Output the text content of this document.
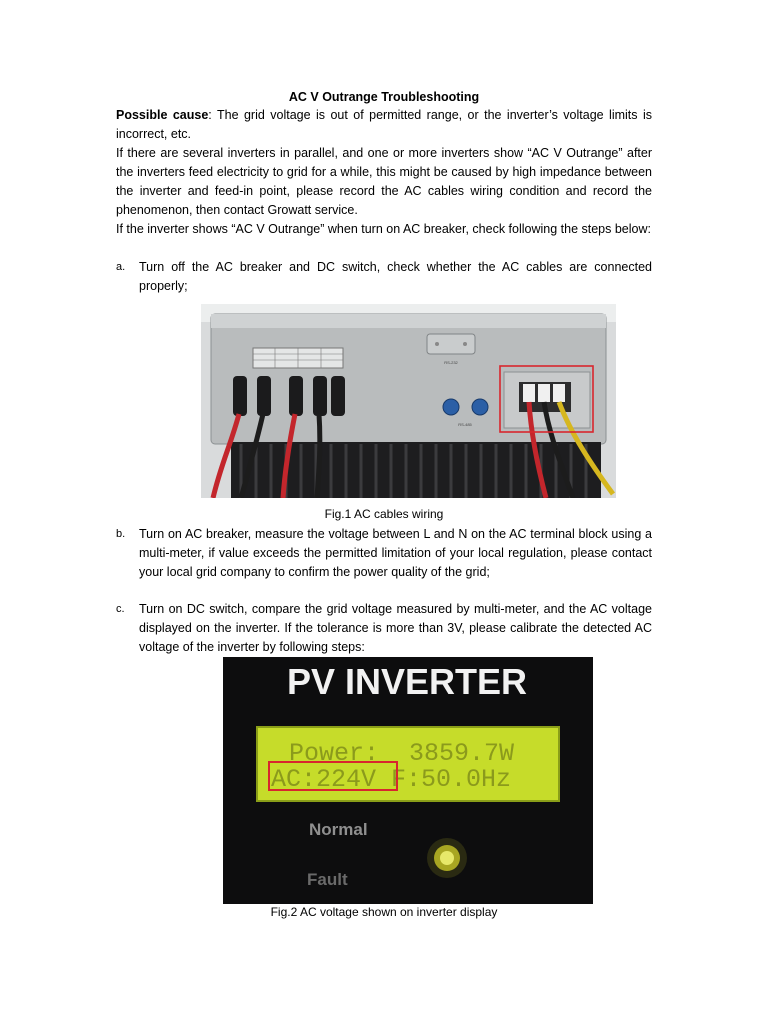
AC V Outrange Troubleshooting

Possible cause: The grid voltage is out of permitted range, or the inverter’s voltage limits is incorrect, etc.

If there are several inverters in parallel, and one or more inverters show “AC V Outrange” after the inverters feed electricity to grid for a while, this might be caused by high impedance between the inverter and feed-in point, please record the AC cables wiring condition and record the phenomenon, then contact Growatt service.

If the inverter shows “AC V Outrange” when turn on AC breaker, check following the steps below:

a. Turn off the AC breaker and DC switch, check whether the AC cables are connected properly;
RS-232
RS-485
Fig.1 AC cables wiring
b. Turn on AC breaker, measure the voltage between L and N on the AC terminal block using a multi-meter, if value exceeds the permitted limitation of your local regulation, please contact your local grid company to confirm the power quality of the grid;
c. Turn on DC switch, compare the grid voltage measured by multi-meter, and the AC voltage displayed on the inverter. If the tolerance is more than 3V, please calibrate the detected AC voltage of the inverter by following steps:
PV INVERTER
Power:  3859.7W
AC:224V F:50.0Hz
Normal
Fault
Fig.2 AC voltage shown on inverter display
